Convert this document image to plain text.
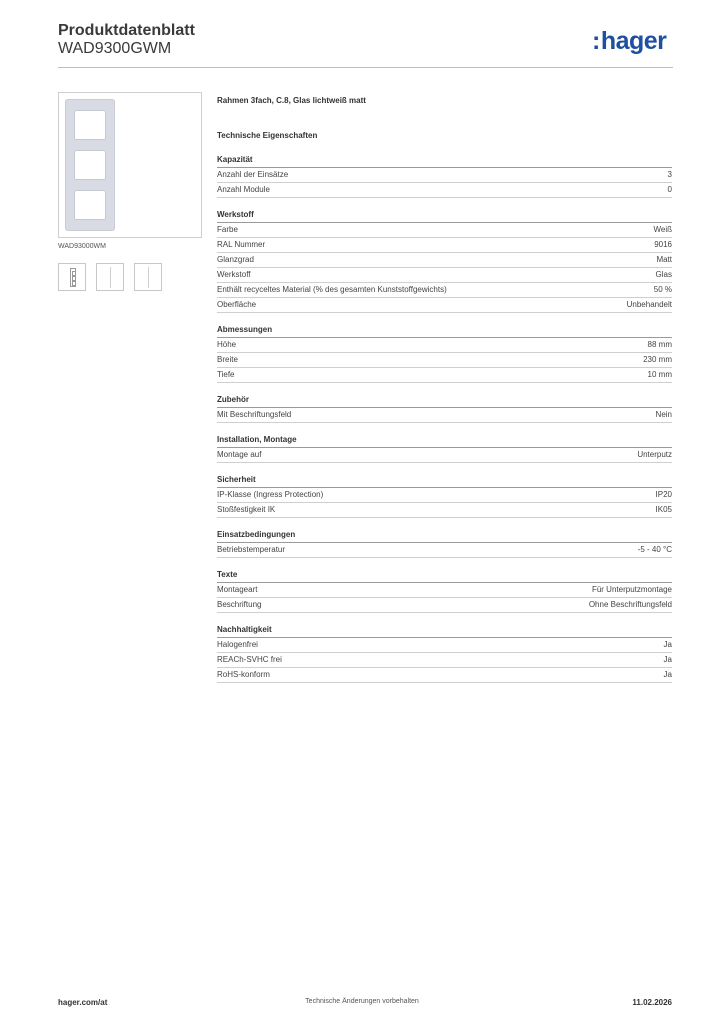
Produktdatenblatt
WAD9300GWM	:hager
WAD93000WM
Rahmen 3fach, C.8, Glas lichtweiß matt
Technische Eigenschaften
Kapazität
Anzahl der Einsätze	3
Anzahl Module	0
Werkstoff
Farbe	Weiß
RAL Nummer	9016
Glanzgrad	Matt
Werkstoff	Glas
Enthält recyceltes Material (% des gesamten Kunststoffgewichts)	50 %
Oberfläche	Unbehandelt
Abmessungen
Höhe	88 mm
Breite	230 mm
Tiefe	10 mm
Zubehör
Mit Beschriftungsfeld	Nein
Installation, Montage
Montage auf	Unterputz
Sicherheit
IP-Klasse (Ingress Protection)	IP20
Stoßfestigkeit IK	IK05
Einsatzbedingungen
Betriebstemperatur	-5 - 40 °C
Texte
Montageart	Für Unterputzmontage
Beschriftung	Ohne Beschriftungsfeld
Nachhaltigkeit
Halogenfrei	Ja
REACh-SVHC frei	Ja
RoHS-konform	Ja
hager.com/at	Technische Änderungen vorbehalten	11.02.2026
